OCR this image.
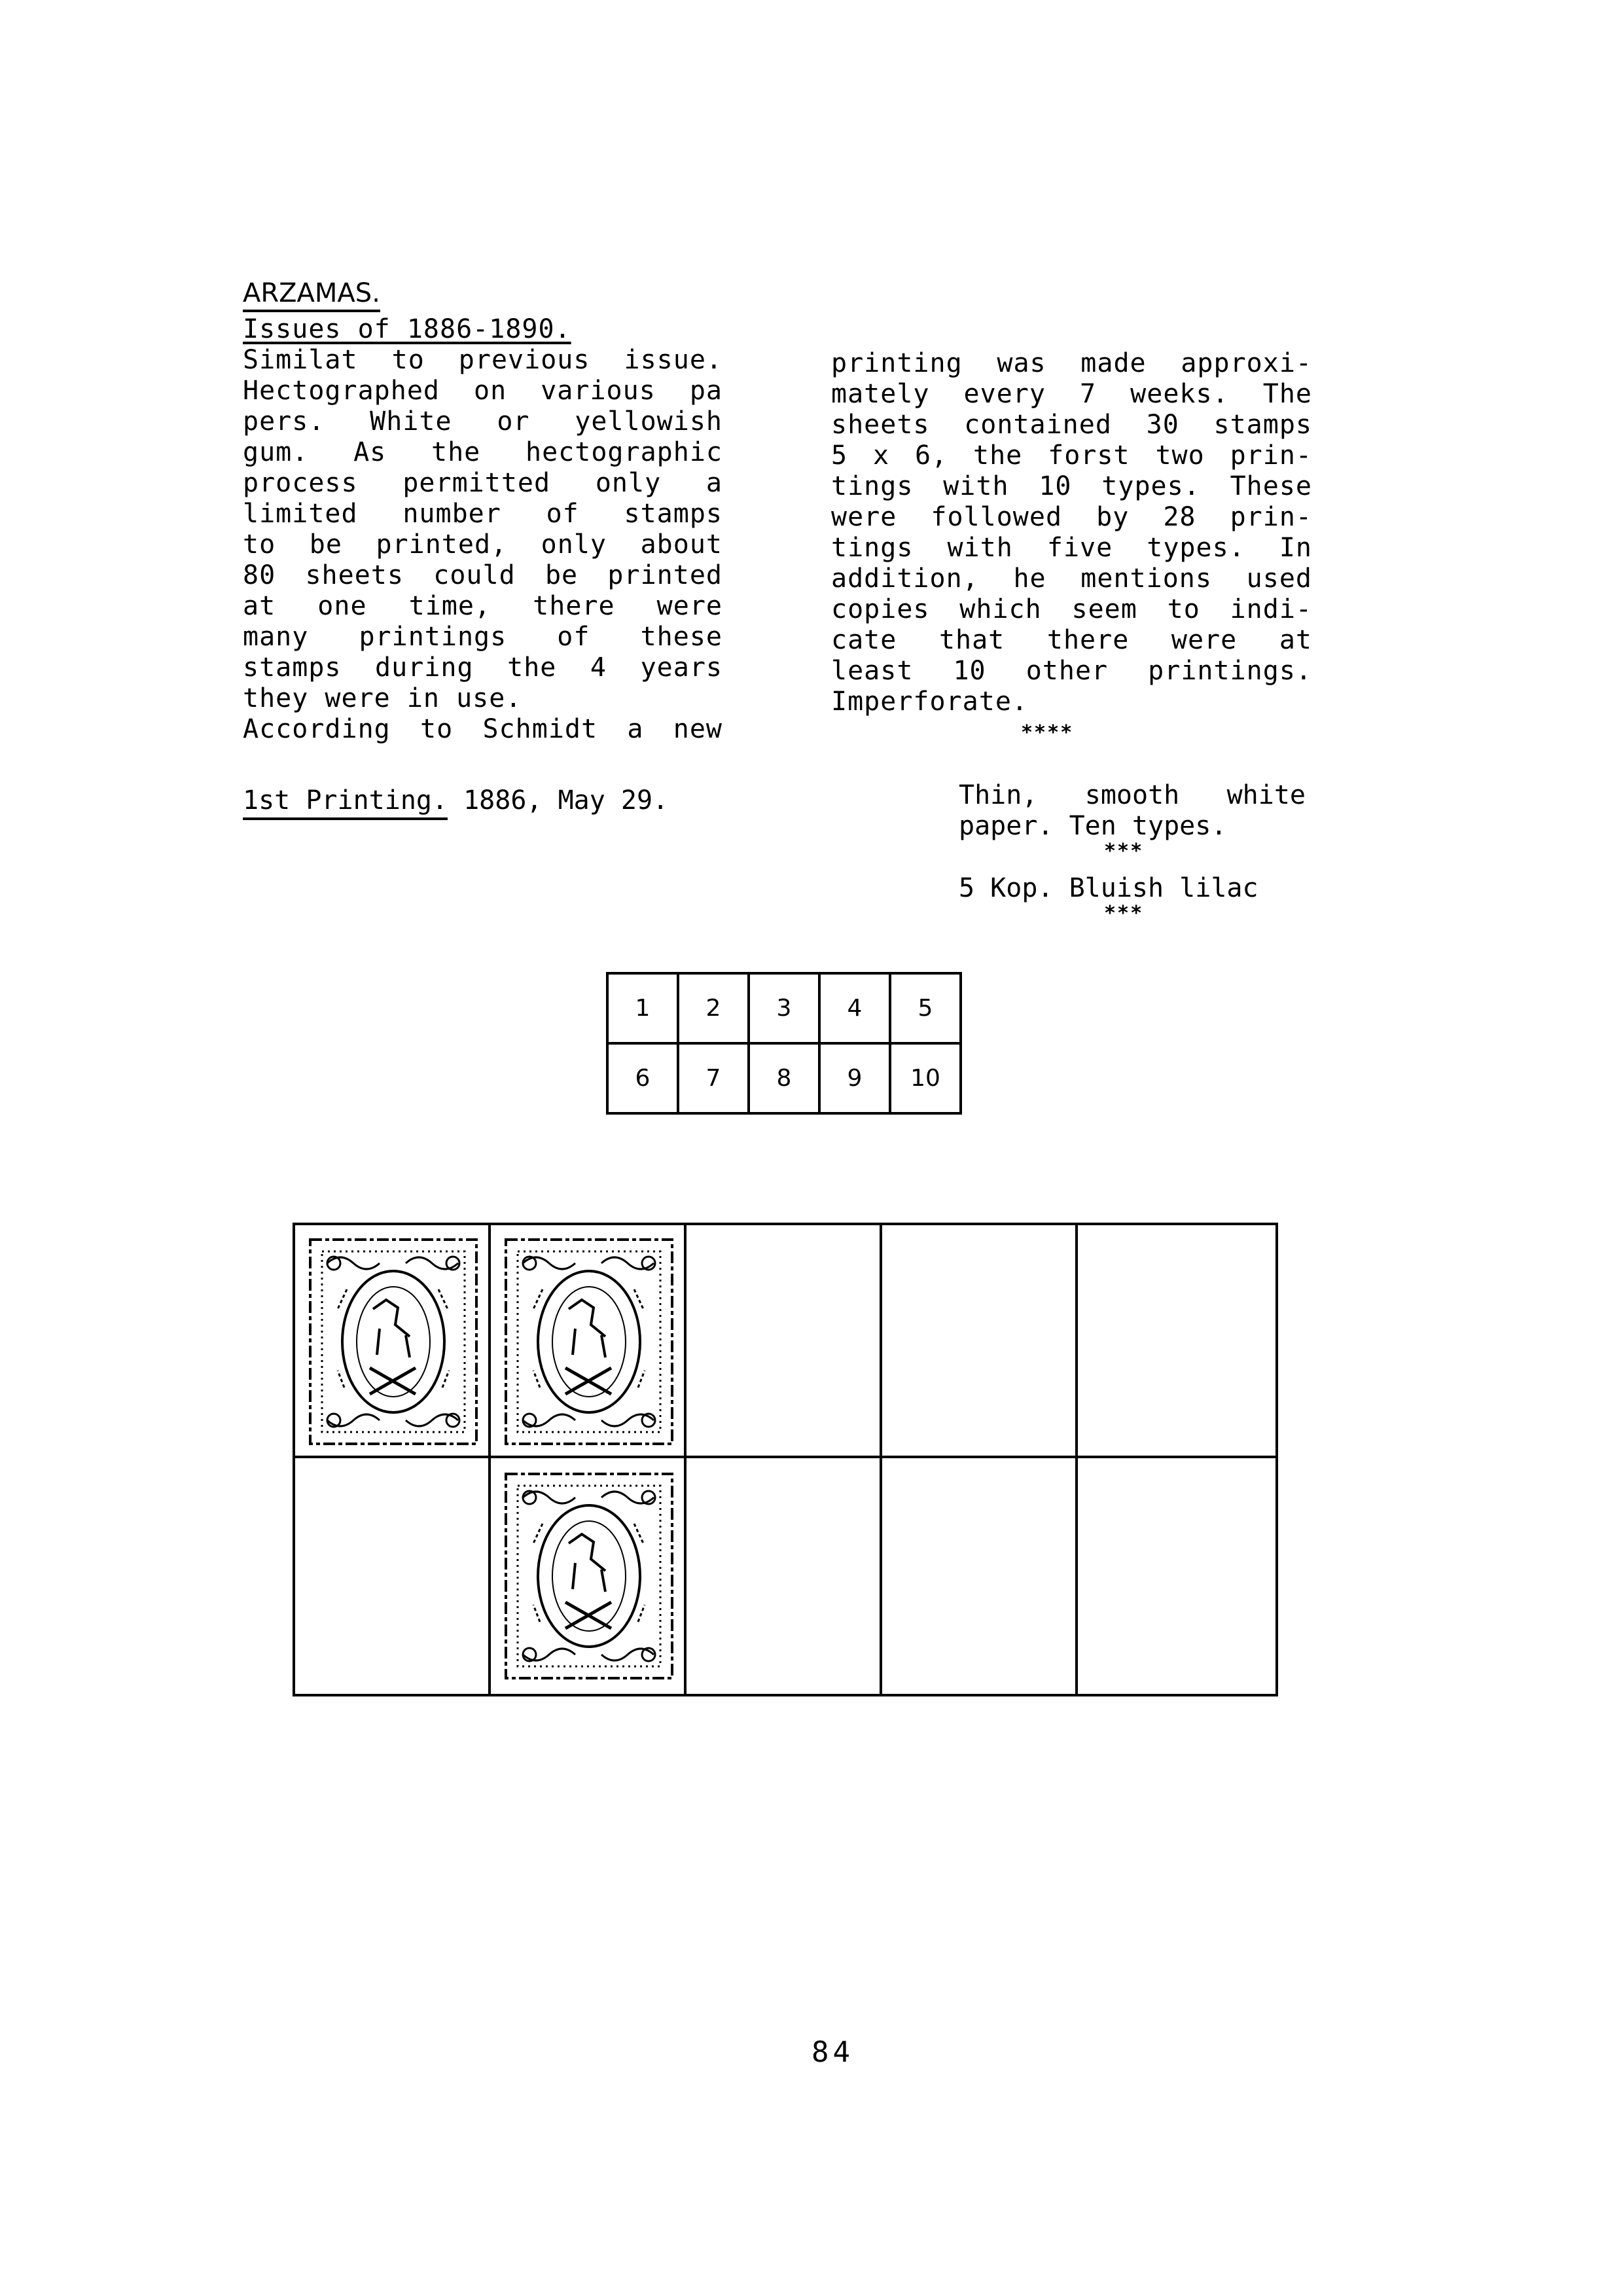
ARZAMAS.
Issues of 1886-1890.
Similat to previous issue.
Hectographed on various pa
pers. White or yellowish
gum. As the hectographic
process permitted only a
limited number of stamps
to be printed, only about
80 sheets could be printed
at one time, there were
many printings of these
stamps during the 4 years
they were in use.
According to Schmidt a new
printing was made approxi-
mately every 7 weeks. The
sheets contained 30 stamps
5 x 6, the forst two prin-
tings with 10 types. These
were followed by 28 prin-
tings with five types. In
addition, he mentions used
copies which seem to indi-
cate that there were at
least 10 other printings.
Imperforate.
****
1st Printing. 1886, May 29.	Thin, smooth white
paper. Ten types.
***
5 Kop. Bluish lilac
***
1	2	3	4	5
6	7	8	9	10
84
